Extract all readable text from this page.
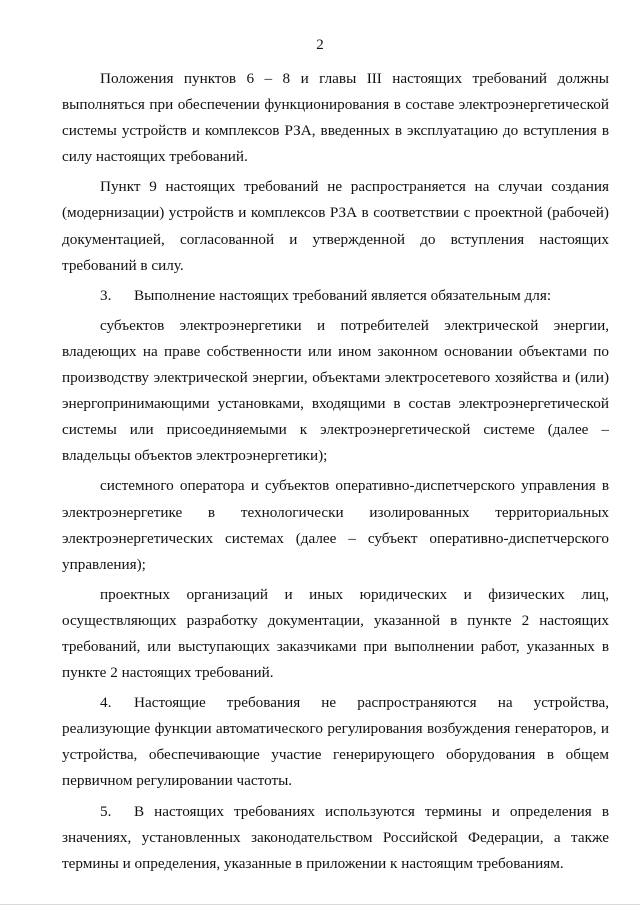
2

Положения пунктов 6 – 8 и главы III настоящих требований должны выполняться при обеспечении функционирования в составе электроэнергетической системы устройств и комплексов РЗА, введенных в эксплуатацию до вступления в силу настоящих требований.

Пункт 9 настоящих требований не распространяется на случаи создания (модернизации) устройств и комплексов РЗА в соответствии с проектной (рабочей) документацией, согласованной и утвержденной до вступления настоящих требований в силу.

3. Выполнение настоящих требований является обязательным для:

субъектов электроэнергетики и потребителей электрической энергии, владеющих на праве собственности или ином законном основании объектами по производству электрической энергии, объектами электросетевого хозяйства и (или) энергопринимающими установками, входящими в состав электроэнергетической системы или присоединяемыми к электроэнергетической системе (далее – владельцы объектов электроэнергетики);

системного оператора и субъектов оперативно-диспетчерского управления в электроэнергетике в технологически изолированных территориальных электроэнергетических системах (далее – субъект оперативно-диспетчерского управления);

проектных организаций и иных юридических и физических лиц, осуществляющих разработку документации, указанной в пункте 2 настоящих требований, или выступающих заказчиками при выполнении работ, указанных в пункте 2 настоящих требований.

4. Настоящие требования не распространяются на устройства, реализующие функции автоматического регулирования возбуждения генераторов, и устройства, обеспечивающие участие генерирующего оборудования в общем первичном регулировании частоты.

5. В настоящих требованиях используются термины и определения в значениях, установленных законодательством Российской Федерации, а также термины и определения, указанные в приложении к настоящим требованиям.
